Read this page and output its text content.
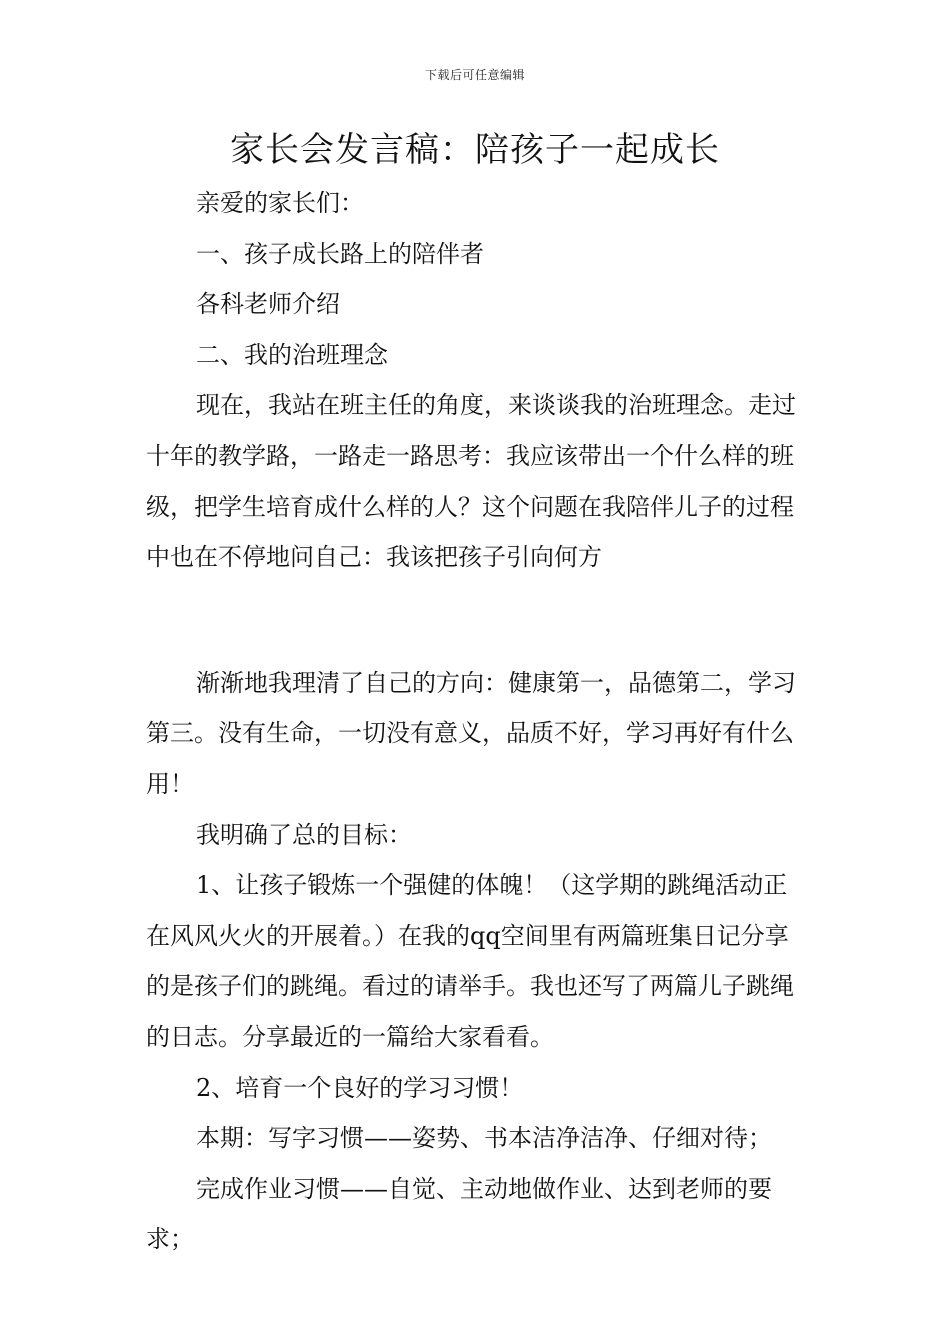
下载后可任意编辑
家长会发言稿：陪孩子一起成长

亲爱的家长们：

一、孩子成长路上的陪伴者

各科老师介绍

二、我的治班理念

现在，我站在班主任的角度，来谈谈我的治班理念。走过十年的教学路，一路走一路思考：我应该带出一个什么样的班级，把学生培育成什么样的人？这个问题在我陪伴儿子的过程中也在不停地问自己：我该把孩子引向何方

渐渐地我理清了自己的方向：健康第一，品德第二，学习第三。没有生命，一切没有意义，品质不好，学习再好有什么用！

我明确了总的目标：

1、让孩子锻炼一个强健的体魄！（这学期的跳绳活动正在风风火火的开展着。）在我的qq空间里有两篇班集日记分享的是孩子们的跳绳。看过的请举手。我也还写了两篇儿子跳绳的日志。分享最近的一篇给大家看看。

2、培育一个良好的学习习惯！

本期：写字习惯——姿势、书本洁净洁净、仔细对待；

完成作业习惯——自觉、主动地做作业、达到老师的要求；
